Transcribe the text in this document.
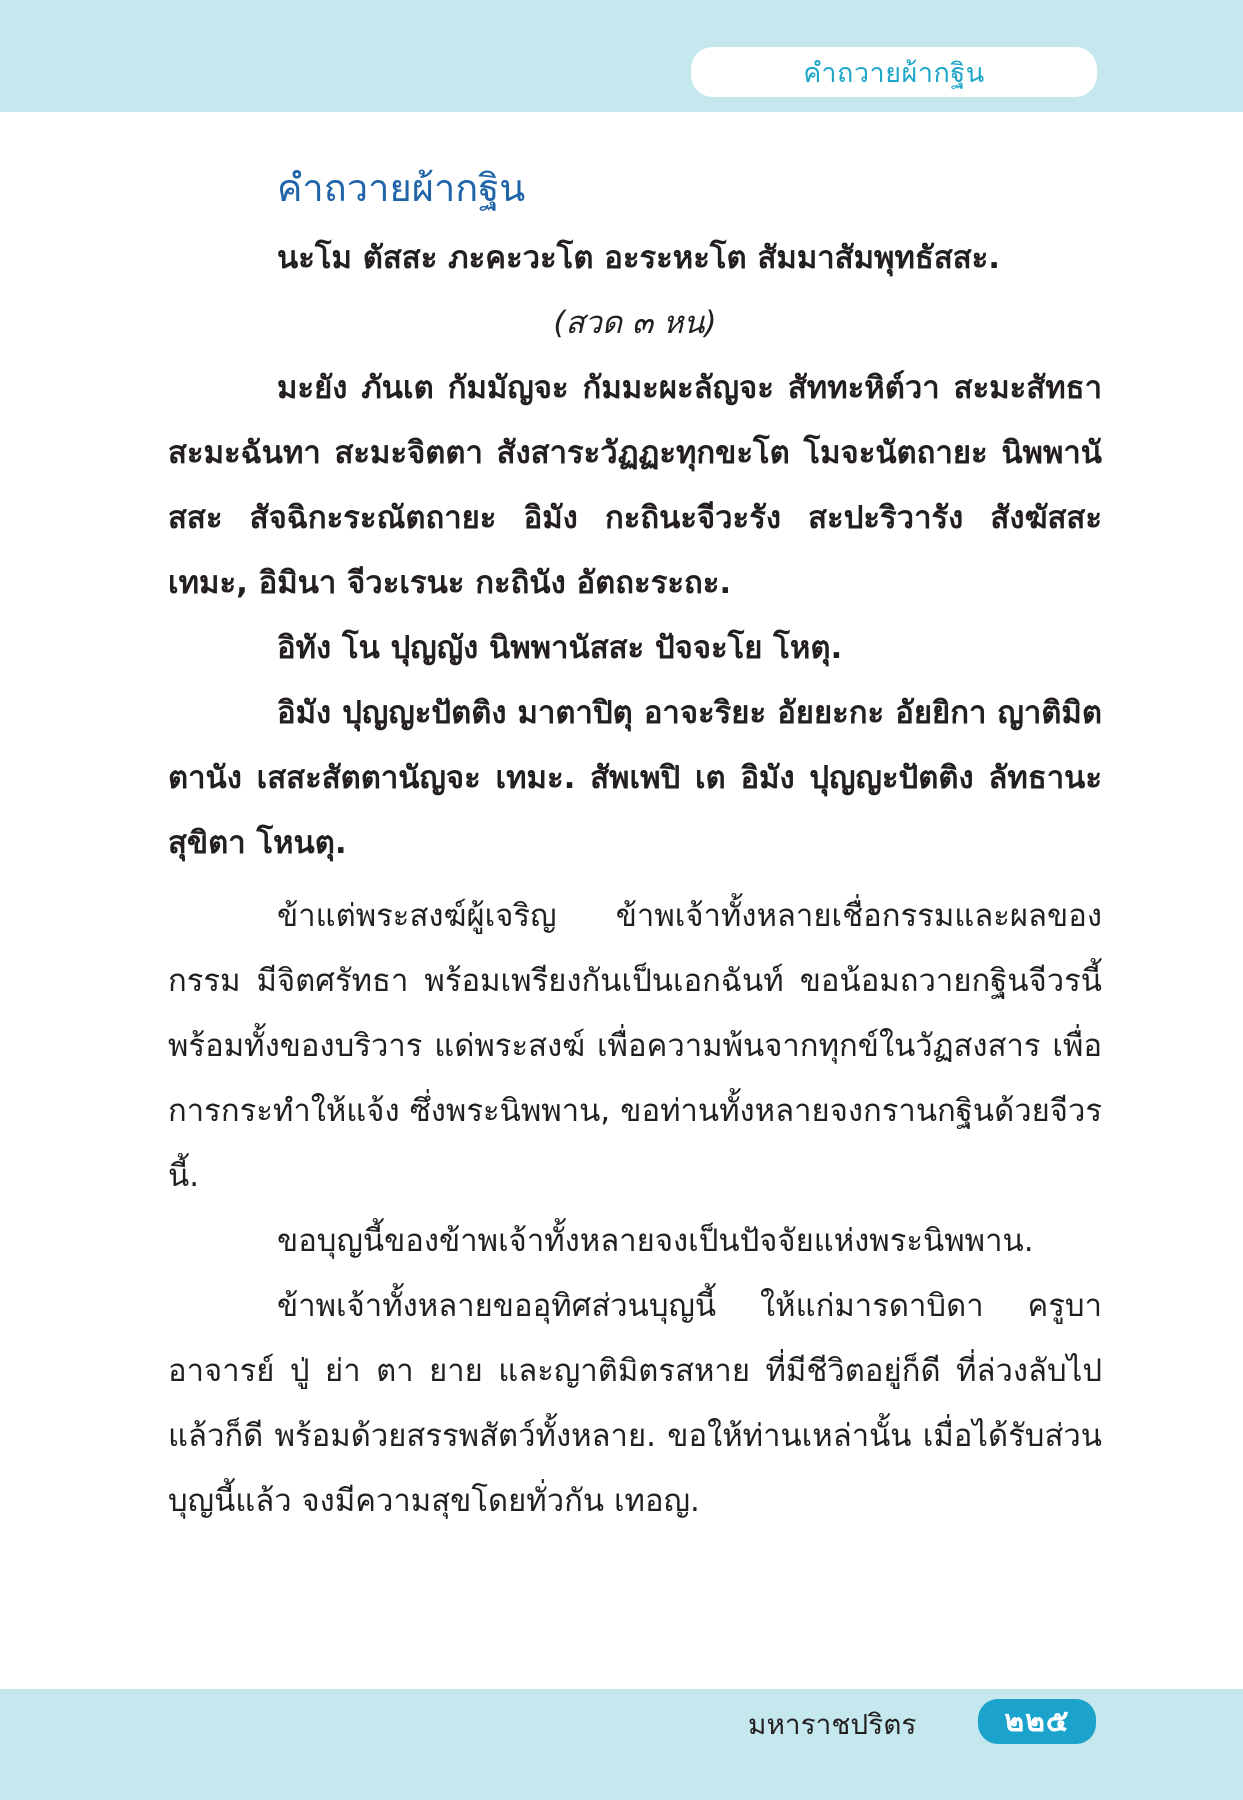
คำถวายผ้ากฐิน
คำถวายผ้ากฐิน

นะโม ตัสสะ ภะคะวะโต อะระหะโต สัมมาสัมพุทธัสสะ.

(สวด ๓ หน)

มะยัง ภันเต กัมมัญจะ กัมมะผะลัญจะ สัททะหิต์วา สะมะสัทธา สะมะฉันทา สะมะจิตตา สังสาระวัฏฏะทุกขะโต โมจะนัตถายะ นิพพานัสสะ สัจฉิกะระณัตถายะ อิมัง กะถินะจีวะรัง สะปะริวารัง สังฆัสสะ เทมะ, อิมินา จีวะเรนะ กะถินัง อัตถะระถะ.

อิทัง โน ปุญญัง นิพพานัสสะ ปัจจะโย โหตุ.

อิมัง ปุญญะปัตติง มาตาปิตุ อาจะริยะ อัยยะกะ อัยยิกา ญาติมิตตานัง เสสะสัตตานัญจะ เทมะ. สัพเพปิ เต อิมัง ปุญญะปัตติง ลัทธานะ สุขิตา โหนตุ.

ข้าแต่พระสงฆ์ผู้เจริญ ข้าพเจ้าทั้งหลายเชื่อกรรมและผลของกรรม มีจิตศรัทธา พร้อมเพรียงกันเป็นเอกฉันท์ ขอน้อมถวายกฐินจีวรนี้ พร้อมทั้งของบริวาร แด่พระสงฆ์ เพื่อความพ้นจากทุกข์ในวัฏสงสาร เพื่อการกระทำให้แจ้ง ซึ่งพระนิพพาน, ขอท่านทั้งหลายจงกรานกฐินด้วยจีวรนี้.

ขอบุญนี้ของข้าพเจ้าทั้งหลายจงเป็นปัจจัยแห่งพระนิพพาน.

ข้าพเจ้าทั้งหลายขออุทิศส่วนบุญนี้ ให้แก่มารดาบิดา ครูบาอาจารย์ ปู่ ย่า ตา ยาย และญาติมิตรสหาย ที่มีชีวิตอยู่ก็ดี ที่ล่วงลับไปแล้วก็ดี พร้อมด้วยสรรพสัตว์ทั้งหลาย. ขอให้ท่านเหล่านั้น เมื่อได้รับส่วนบุญนี้แล้ว จงมีความสุขโดยทั่วกัน เทอญ.

มหาราชปริตร	๒๒๕
